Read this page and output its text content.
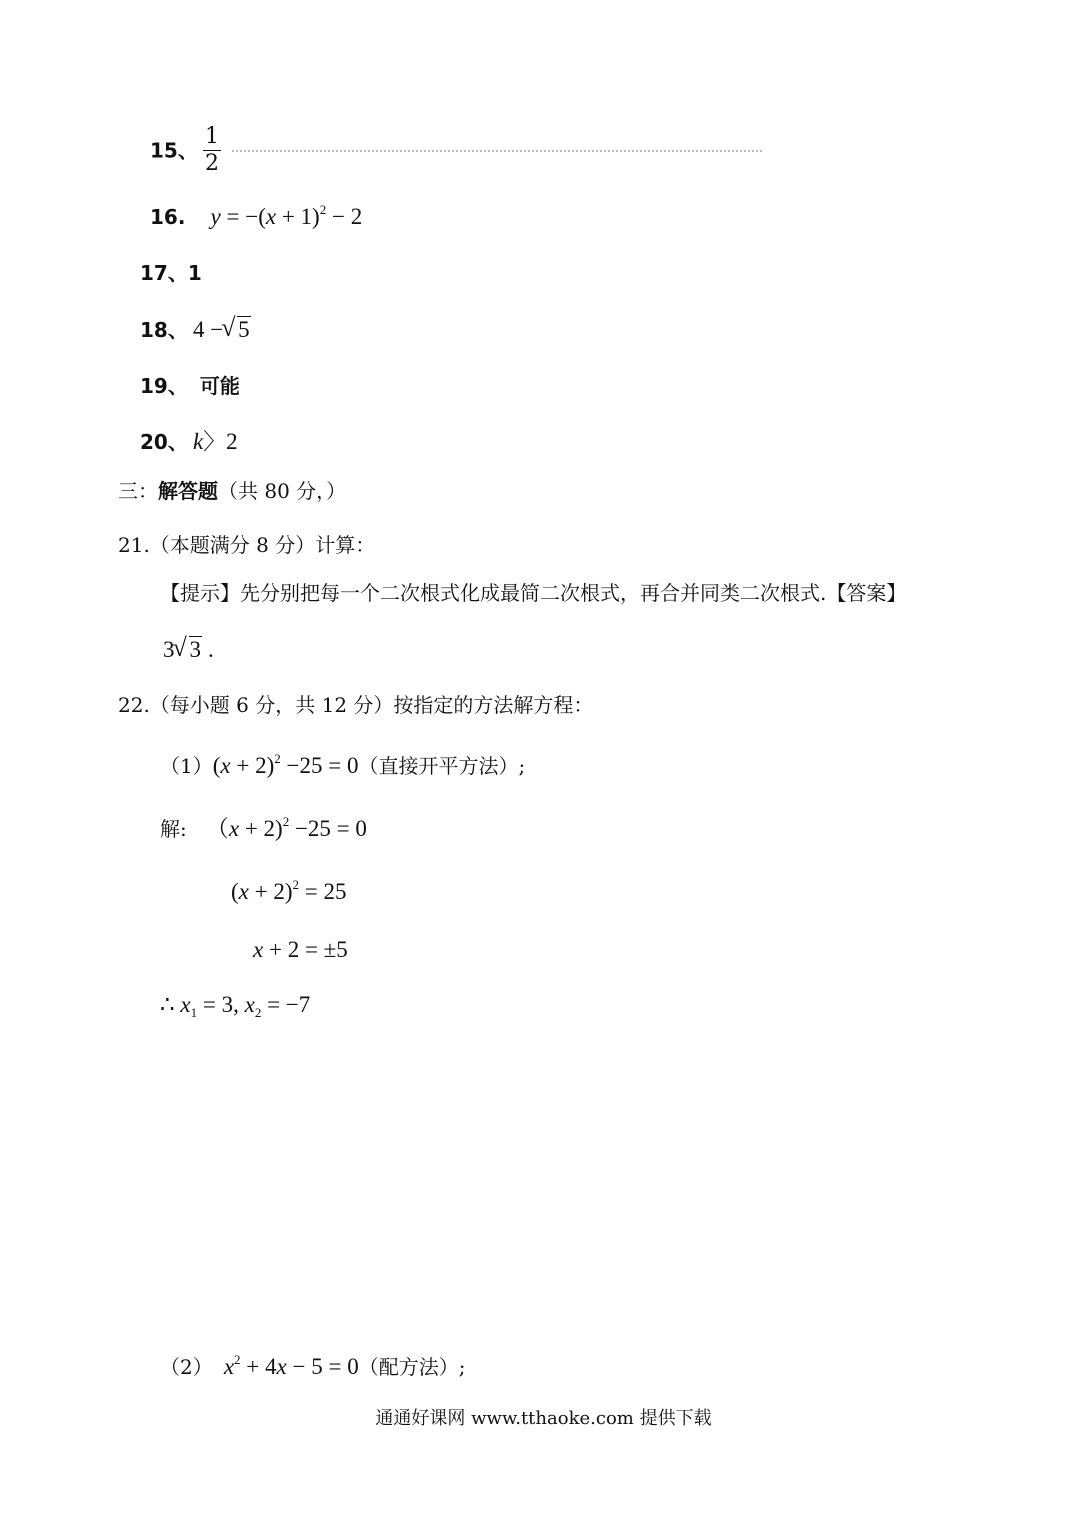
15、 $\frac{1}{2}$

16. $y = -(x + 1)^2 - 2$
17、1
18、 4 − √ 5
19、 可能
20、 k〉2
三：解答题（共 80 分，）
21.（本题满分 8 分）计算：
【提示】先分别把每一个二次根式化成最简二次根式，再合并同类二次根式.【答案】
3 √ 3 .
22.（每小题 6 分，共 12 分）按指定的方法解方程：
$(1)(x + 2)^2 -25 = 0$（直接开平方法）;
解: （x + 2)$^2$ −25 = 0
$(x + 2)^2 = 25$
x + 2 = ±5
∴ $x_1 = 3$, $x_2 = -7$
（2） $x^2 + 4x - 5 = 0$（配方法）;
通通好课网 www.tthaoke.com 提供下载
